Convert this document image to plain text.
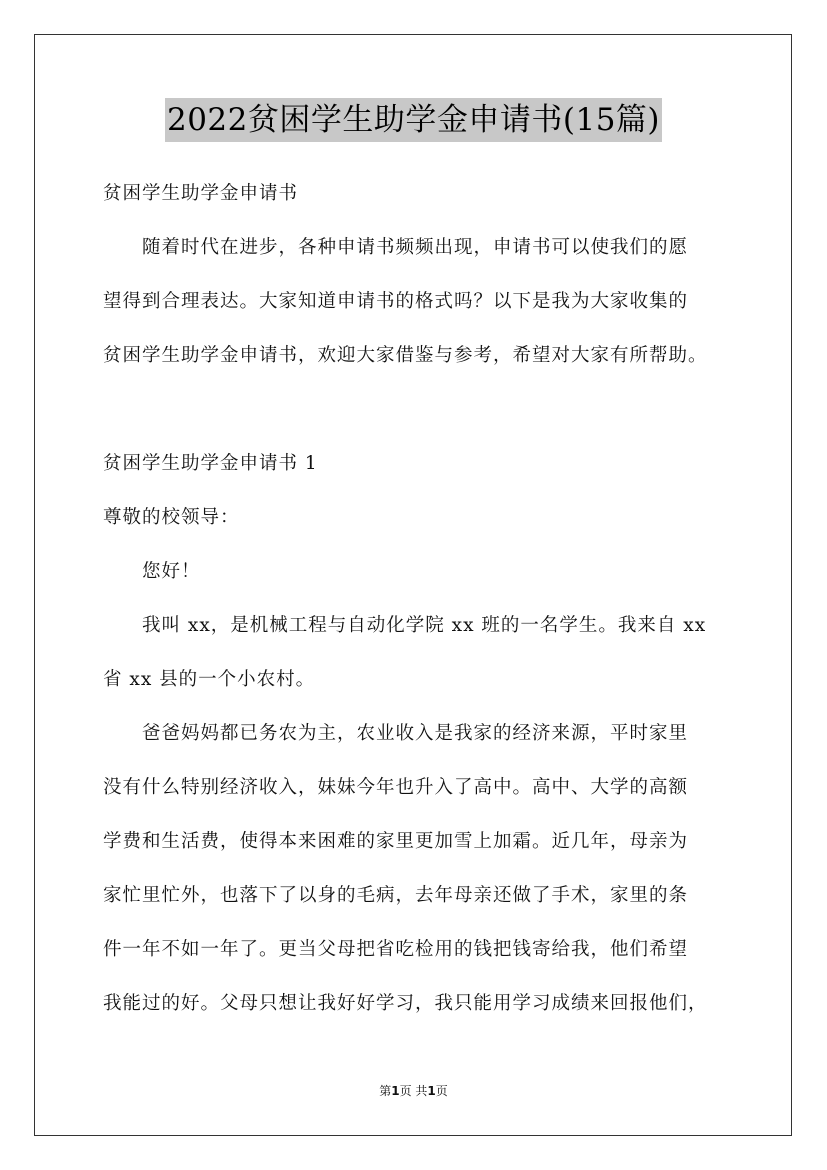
2022贫困学生助学金申请书(15篇)
贫困学生助学金申请书
随着时代在进步，各种申请书频频出现，申请书可以使我们的愿
望得到合理表达。大家知道申请书的格式吗？以下是我为大家收集的
贫困学生助学金申请书，欢迎大家借鉴与参考，希望对大家有所帮助。
贫困学生助学金申请书 1
尊敬的校领导：
您好！
我叫 xx，是机械工程与自动化学院 xx 班的一名学生。我来自 xx
省 xx 县的一个小农村。
爸爸妈妈都已务农为主，农业收入是我家的经济来源，平时家里
没有什么特别经济收入，妹妹今年也升入了高中。高中、大学的高额
学费和生活费，使得本来困难的家里更加雪上加霜。近几年，母亲为
家忙里忙外，也落下了以身的毛病，去年母亲还做了手术，家里的条
件一年不如一年了。更当父母把省吃检用的钱把钱寄给我，他们希望
我能过的好。父母只想让我好好学习，我只能用学习成绩来回报他们，
第1页 共1页
